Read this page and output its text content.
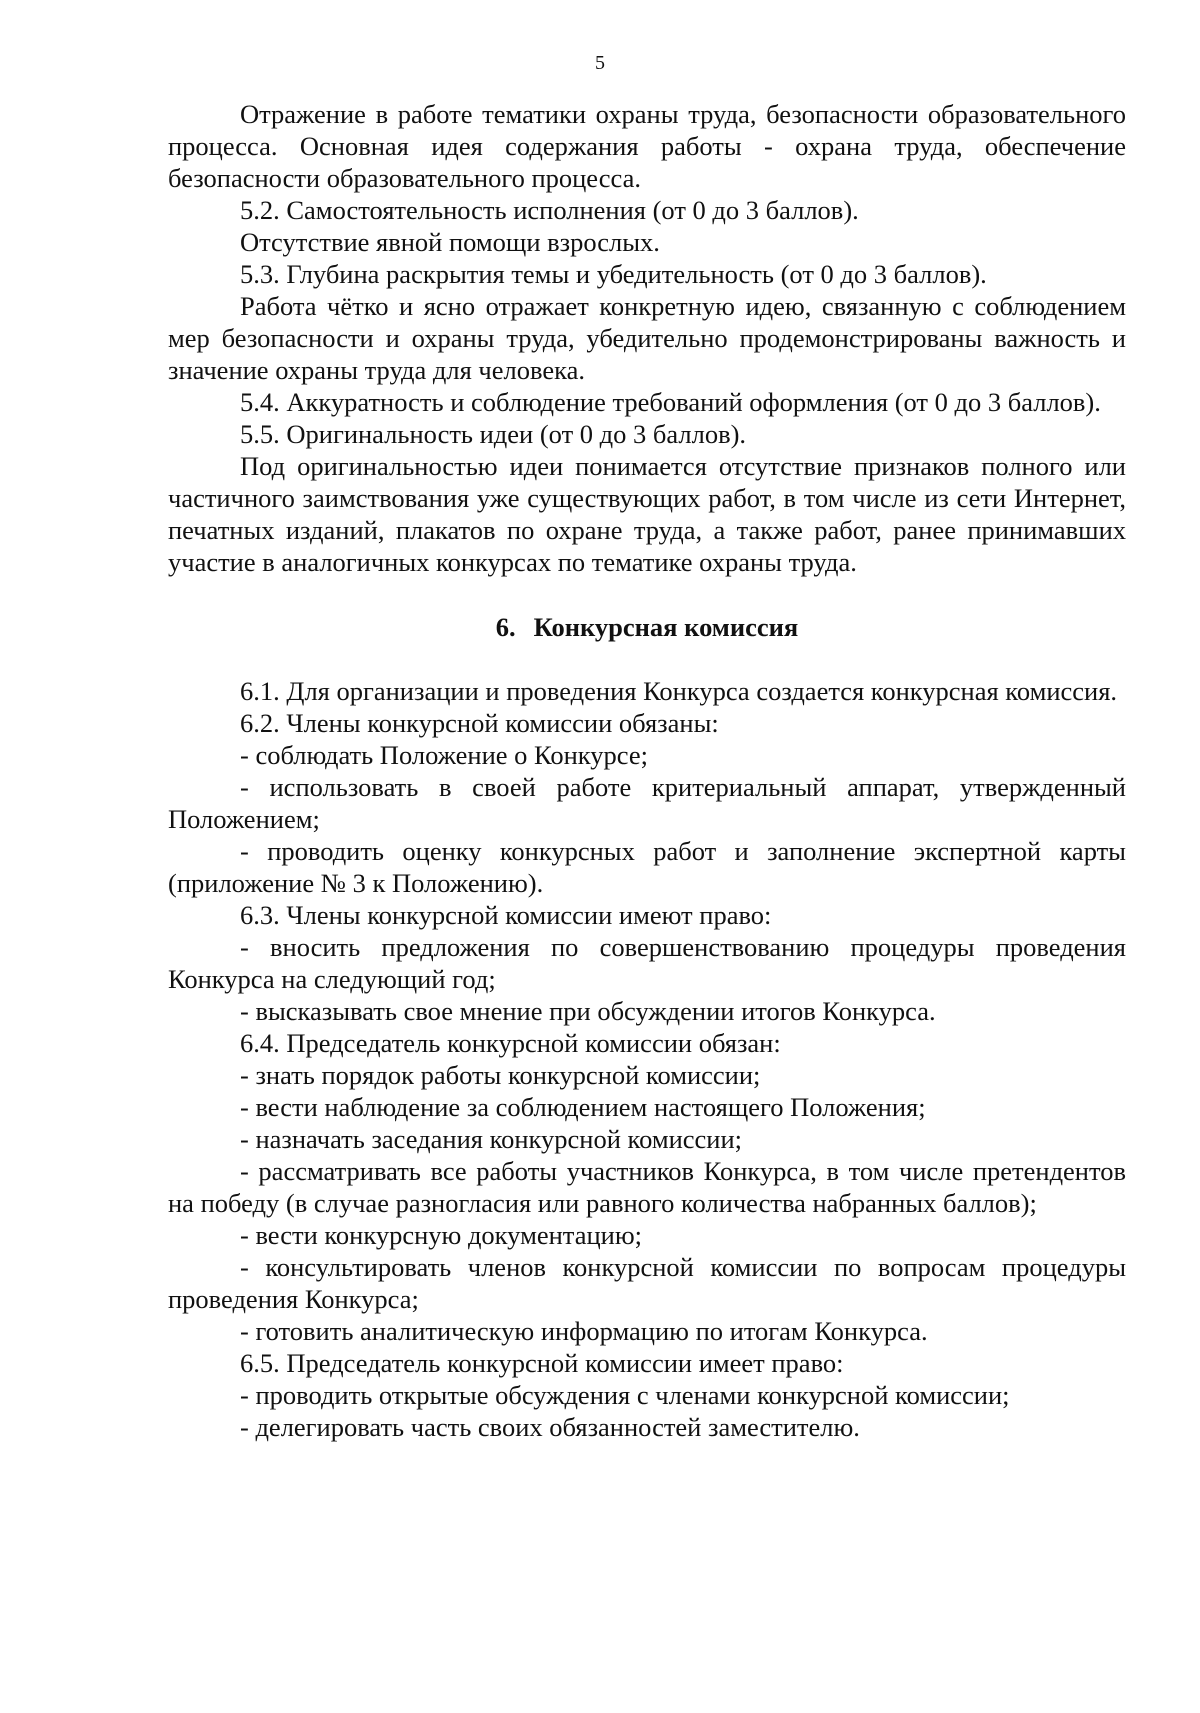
5

Отражение в работе тематики охраны труда, безопасности образовательного процесса. Основная идея содержания работы - охрана труда, обеспечение безопасности образовательного процесса.

5.2. Самостоятельность исполнения (от 0 до 3 баллов).

Отсутствие явной помощи взрослых.

5.3. Глубина раскрытия темы и убедительность (от 0 до 3 баллов).

Работа чётко и ясно отражает конкретную идею, связанную с соблюдением мер безопасности и охраны труда, убедительно продемонстрированы важность и значение охраны труда для человека.

5.4. Аккуратность и соблюдение требований оформления (от 0 до 3 баллов).

5.5. Оригинальность идеи (от 0 до 3 баллов).

Под оригинальностью идеи понимается отсутствие признаков полного или частичного заимствования уже существующих работ, в том числе из сети Интернет, печатных изданий, плакатов по охране труда, а также работ, ранее принимавших участие в аналогичных конкурсах по тематике охраны труда.

6. Конкурсная комиссия

6.1. Для организации и проведения Конкурса создается конкурсная комиссия.

6.2. Члены конкурсной комиссии обязаны:

- соблюдать Положение о Конкурсе;

- использовать в своей работе критериальный аппарат, утвержденный Положением;

- проводить оценку конкурсных работ и заполнение экспертной карты (приложение № 3 к Положению).

6.3. Члены конкурсной комиссии имеют право:

- вносить предложения по совершенствованию процедуры проведения Конкурса на следующий год;

- высказывать свое мнение при обсуждении итогов Конкурса.

6.4. Председатель конкурсной комиссии обязан:

- знать порядок работы конкурсной комиссии;

- вести наблюдение за соблюдением настоящего Положения;

- назначать заседания конкурсной комиссии;

- рассматривать все работы участников Конкурса, в том числе претендентов на победу (в случае разногласия или равного количества набранных баллов);

- вести конкурсную документацию;

- консультировать членов конкурсной комиссии по вопросам процедуры проведения Конкурса;

- готовить аналитическую информацию по итогам Конкурса.

6.5. Председатель конкурсной комиссии имеет право:

- проводить открытые обсуждения с членами конкурсной комиссии;

- делегировать часть своих обязанностей заместителю.
